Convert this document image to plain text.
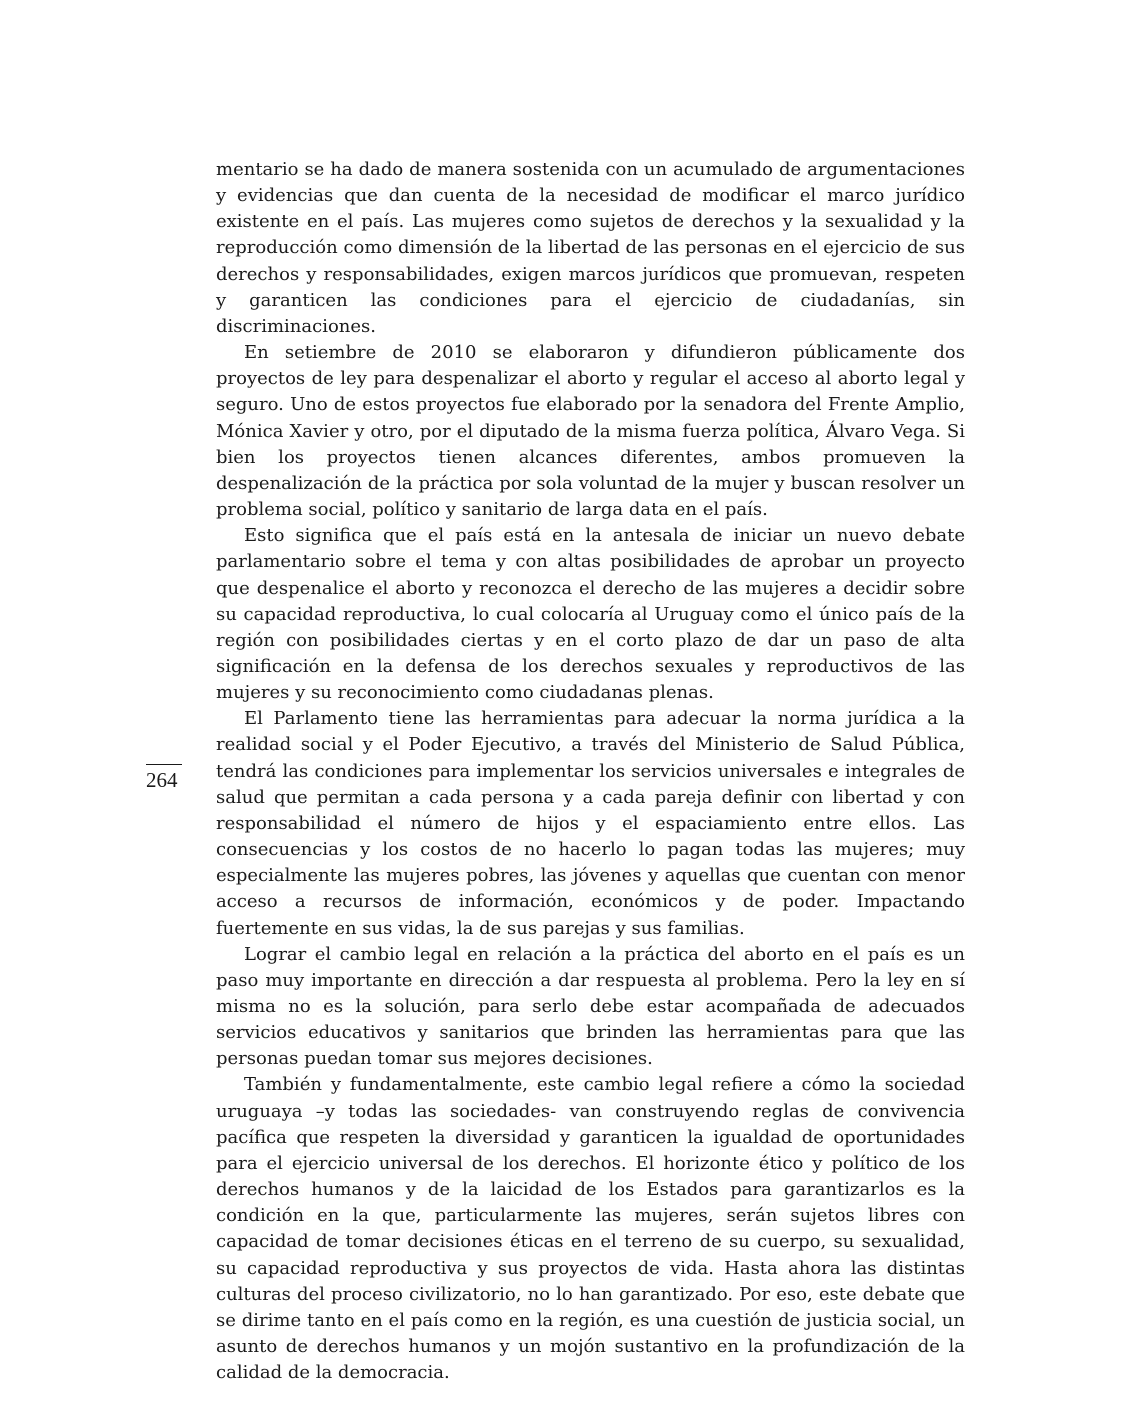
264

mentario se ha dado de manera sostenida con un acumulado de argumentaciones y evidencias que dan cuenta de la necesidad de modificar el marco jurídico existente en el país. Las mujeres como sujetos de derechos y la sexualidad y la reproducción como dimensión de la libertad de las personas en el ejercicio de sus derechos y responsabilidades, exigen marcos jurídicos que promuevan, respeten y garanticen las condiciones para el ejercicio de ciudadanías, sin discriminaciones.

En setiembre de 2010 se elaboraron y difundieron públicamente dos proyectos de ley para despenalizar el aborto y regular el acceso al aborto legal y seguro. Uno de estos proyectos fue elaborado por la senadora del Frente Amplio, Mónica Xavier y otro, por el diputado de la misma fuerza política, Álvaro Vega. Si bien los proyectos tienen alcances diferentes, ambos promueven la despenalización de la práctica por sola voluntad de la mujer y buscan resolver un problema social, político y sanitario de larga data en el país.

Esto significa que el país está en la antesala de iniciar un nuevo debate parlamentario sobre el tema y con altas posibilidades de aprobar un proyecto que despenalice el aborto y reconozca el derecho de las mujeres a decidir sobre su capacidad reproductiva, lo cual colocaría al Uruguay como el único país de la región con posibilidades ciertas y en el corto plazo de dar un paso de alta significación en la defensa de los derechos sexuales y reproductivos de las mujeres y su reconocimiento como ciudadanas plenas.

El Parlamento tiene las herramientas para adecuar la norma jurídica a la realidad social y el Poder Ejecutivo, a través del Ministerio de Salud Pública, tendrá las condiciones para implementar los servicios universales e integrales de salud que permitan a cada persona y a cada pareja definir con libertad y con responsabilidad el número de hijos y el espaciamiento entre ellos. Las consecuencias y los costos de no hacerlo lo pagan todas las mujeres; muy especialmente las mujeres pobres, las jóvenes y aquellas que cuentan con menor acceso a recursos de información, económicos y de poder. Impactando fuertemente en sus vidas, la de sus parejas y sus familias.

Lograr el cambio legal en relación a la práctica del aborto en el país es un paso muy importante en dirección a dar respuesta al problema. Pero la ley en sí misma no es la solución, para serlo debe estar acompañada de adecuados servicios educativos y sanitarios que brinden las herramientas para que las personas puedan tomar sus mejores decisiones.

También y fundamentalmente, este cambio legal refiere a cómo la sociedad uruguaya –y todas las sociedades- van construyendo reglas de convivencia pacífica que respeten la diversidad y garanticen la igualdad de oportunidades para el ejercicio universal de los derechos. El horizonte ético y político de los derechos humanos y de la laicidad de los Estados para garantizarlos es la condición en la que, particularmente las mujeres, serán sujetos libres con capacidad de tomar decisiones éticas en el terreno de su cuerpo, su sexualidad, su capacidad reproductiva y sus proyectos de vida. Hasta ahora las distintas culturas del proceso civilizatorio, no lo han garantizado. Por eso, este debate que se dirime tanto en el país como en la región, es una cuestión de justicia social, un asunto de derechos humanos y un mojón sustantivo en la profundización de la calidad de la democracia.
